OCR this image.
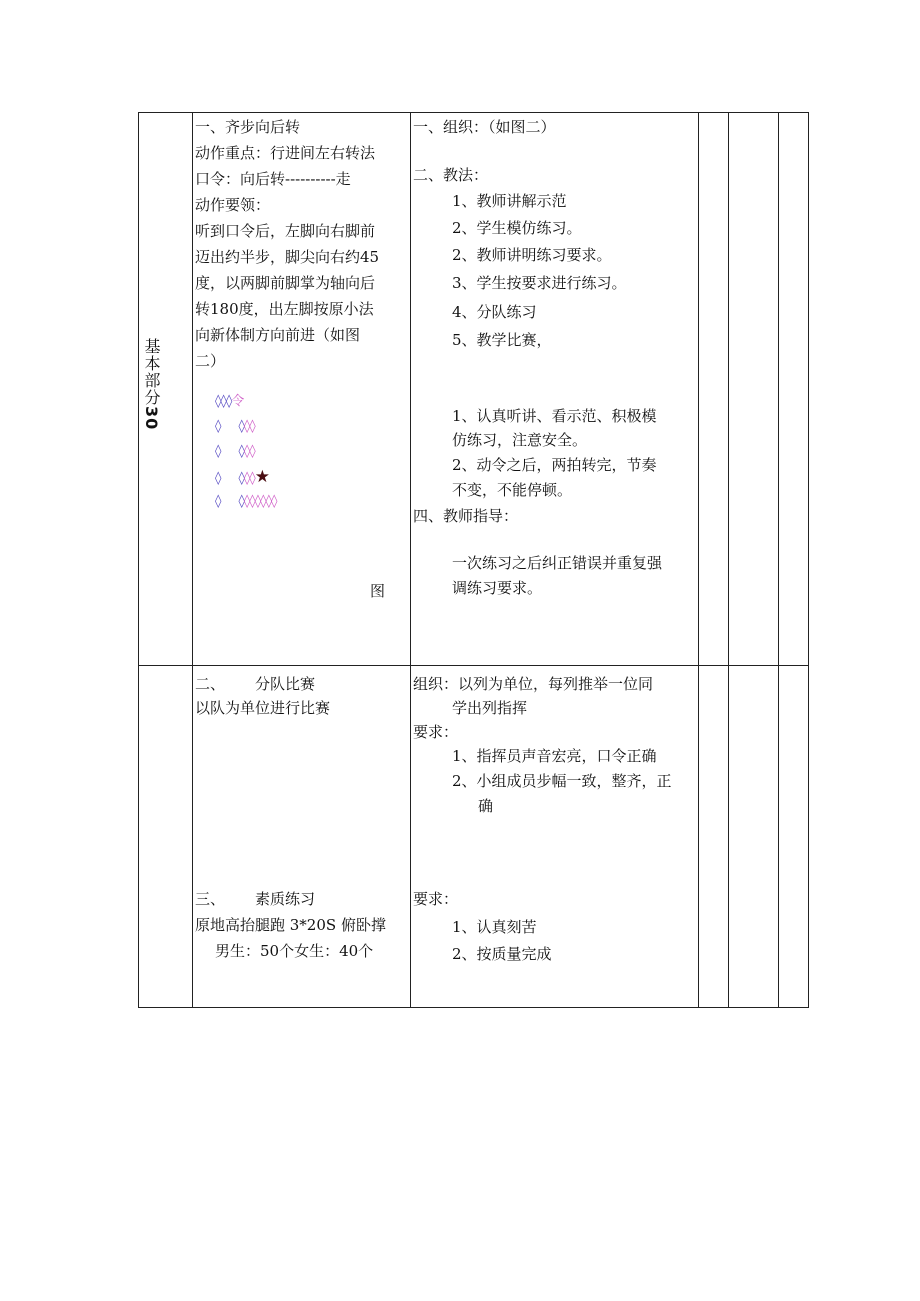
基本部分30
一、齐步向后转
动作重点：行进间左右转法
口令：向后转----------走
动作要领：
听到口令后，左脚向右脚前
迈出约半步，脚尖向右约45
度，以两脚前脚掌为轴向后
转180度，出左脚按原小法
向新体制方向前进（如图
二）
◊◊◊令
◊ ◊◊◊
◊ ◊◊◊
◊ ◊◊◊★
◊ ◊◊◊◊◊◊◊
图
一、组织：（如图二）
二、教法：
1、教师讲解示范
2、学生模仿练习。
2、教师讲明练习要求。
3、学生按要求进行练习。
4、分队练习
5、教学比赛，
1、认真听讲、看示范、积极模
仿练习，注意安全。
2、动令之后，两拍转完，节奏
不变，不能停顿。
四、教师指导：
一次练习之后纠正错误并重复强
调练习要求。
二、 分队比赛
以队为单位进行比赛
三、 素质练习
原地高抬腿跑 3*20S 俯卧撑
男生：50个女生：40个
组织：以列为单位，每列推举一位同
学出列指挥
要求：
1、指挥员声音宏亮，口令正确
2、小组成员步幅一致，整齐，正
确
要求：
1、认真刻苦
2、按质量完成
